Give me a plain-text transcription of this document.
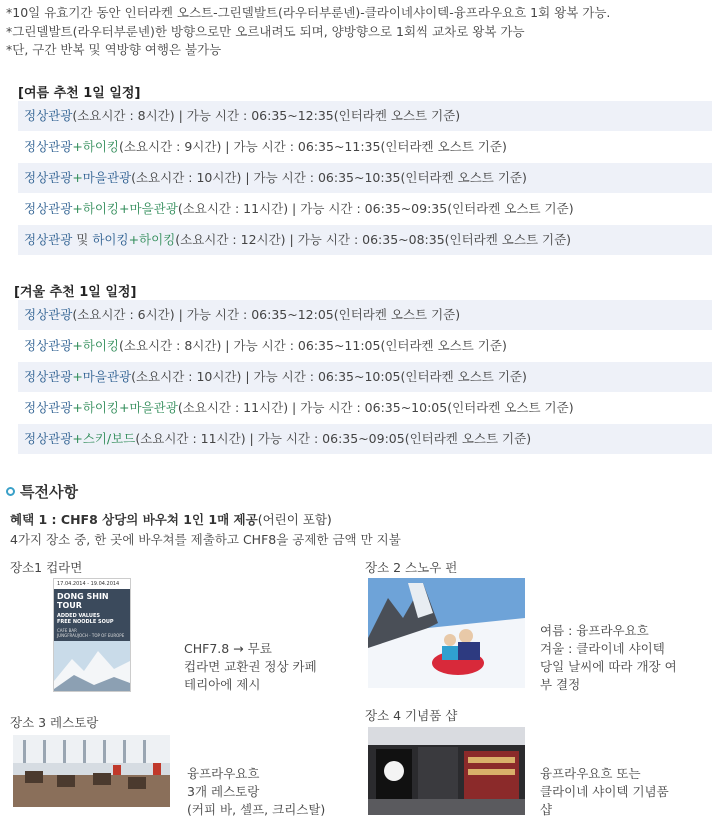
*10일 유효기간 동안 인터라켄 오스트-그린델발트(라우터부룬넨)-클라이네샤이텍-융프라우요흐 1회 왕복 가능.
*그린델발트(라우터부룬넨)한 방향으로만 오르내려도 되며, 양방향으로 1회씩 교차로 왕복 가능
*단, 구간 반복 및 역방향 여행은 불가능
[여름 추천 1일 일정]
정상관광(소요시간 : 8시간) | 가능 시간 : 06:35~12:35(인터라켄 오스트 기준)
정상관광+하이킹(소요시간 : 9시간) | 가능 시간 : 06:35~11:35(인터라켄 오스트 기준)
정상관광+마을관광(소요시간 : 10시간) | 가능 시간 : 06:35~10:35(인터라켄 오스트 기준)
정상관광+하이킹+마을관광(소요시간 : 11시간) | 가능 시간 : 06:35~09:35(인터라켄 오스트 기준)
정상관광 및 하이킹+하이킹(소요시간 : 12시간) | 가능 시간 : 06:35~08:35(인터라켄 오스트 기준)
[겨울 추천 1일 일정]
정상관광(소요시간 : 6시간) | 가능 시간 : 06:35~12:05(인터라켄 오스트 기준)
정상관광+하이킹(소요시간 : 8시간) | 가능 시간 : 06:35~11:05(인터라켄 오스트 기준)
정상관광+마을관광(소요시간 : 10시간) | 가능 시간 : 06:35~10:05(인터라켄 오스트 기준)
정상관광+하이킹+마을관광(소요시간 : 11시간) | 가능 시간 : 06:35~10:05(인터라켄 오스트 기준)
정상관광+스키/보드(소요시간 : 11시간) | 가능 시간 : 06:35~09:05(인터라켄 오스트 기준)
특전사항
혜택 1 : CHF8 상당의 바우쳐 1인 1매 제공(어린이 포함)
4가지 장소 중, 한 곳에 바우쳐를 제출하고 CHF8을 공제한 금액 만 지불
장소1 컵라면
17.04.2014 - 19.04.2014
DONG SHIN TOUR
ADDED VALUES
FREE NOODLE SOUP
CAFE BAR
JUNGFRAUJOCH - TOP OF EUROPE
CHF7.8 → 무료
컵라면 교환권 정상 카페
테리아에 제시
장소 2 스노우 펀
여름 : 융프라우요흐
겨울 : 클라이네 샤이텍
당일 날씨에 따라 개장 여
부 결정
장소 3 레스토랑
융프라우요흐
3개 레스토랑
(커피 바, 셀프, 크리스탈)
장소 4 기념품 샵
융프라우요흐 또는
클라이네 샤이텍 기념품
샵
